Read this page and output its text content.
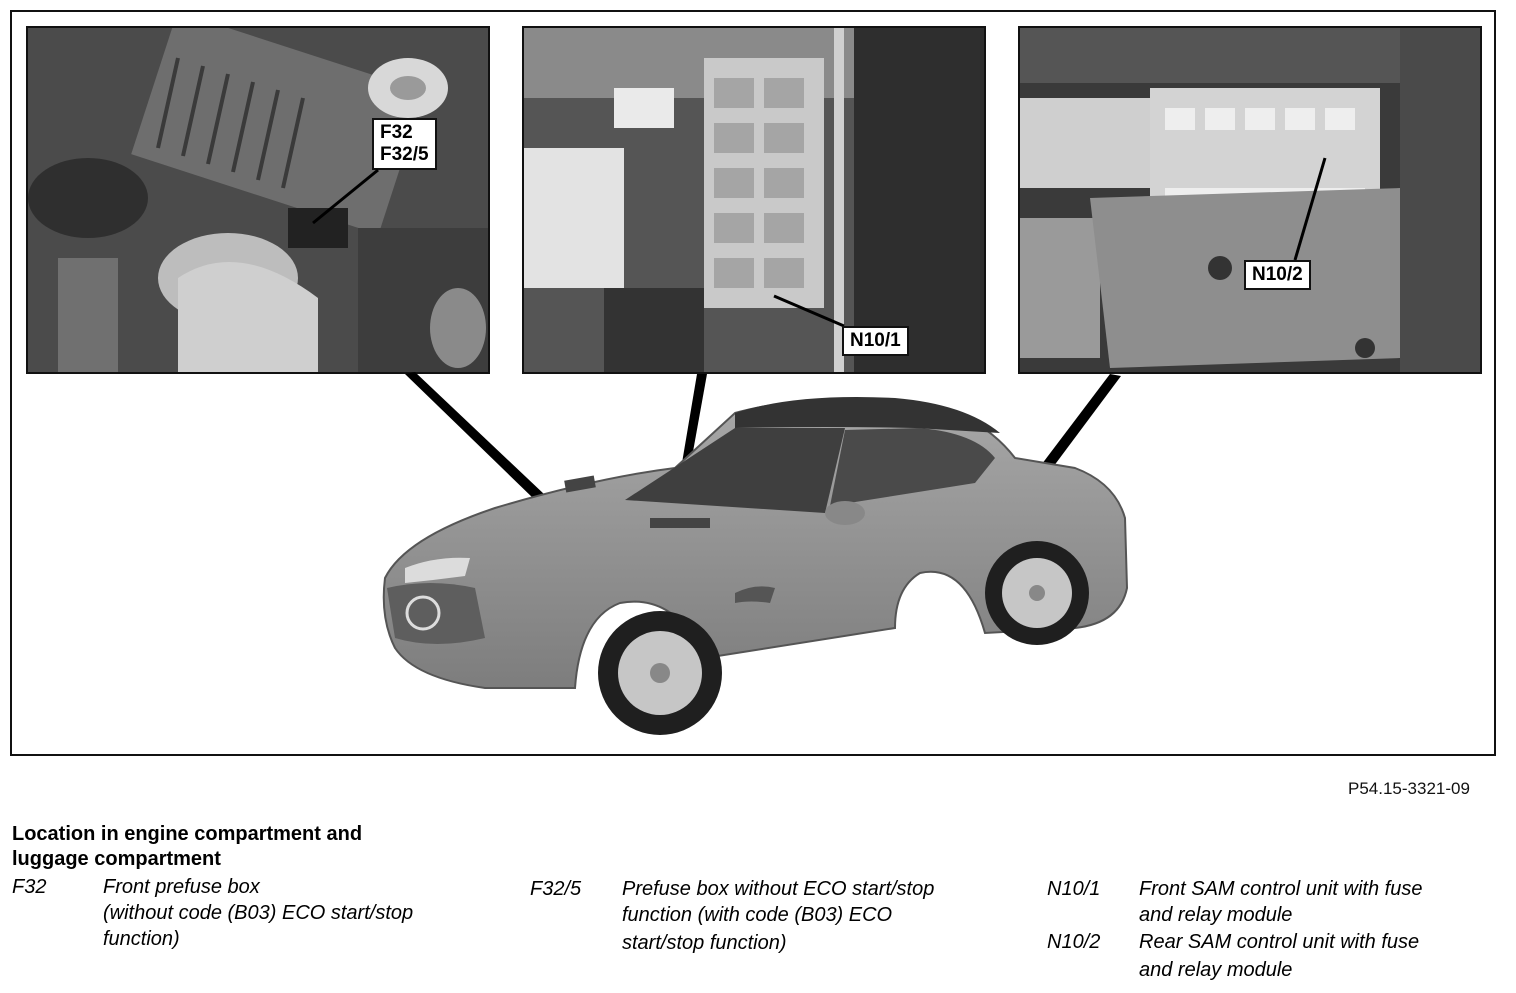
F32
F32/5
N10/1
N10/2
P54.15-3321-09
Location in engine compartment and
luggage compartment
F32	Front prefuse box
(without code (B03) ECO start/stop
function)
F32/5 Prefuse box without ECO start/stop
function (with code (B03) ECO
start/stop function)
N10/1 Front SAM control unit with fuse
and relay module
N10/2 Rear SAM control unit with fuse
and relay module
